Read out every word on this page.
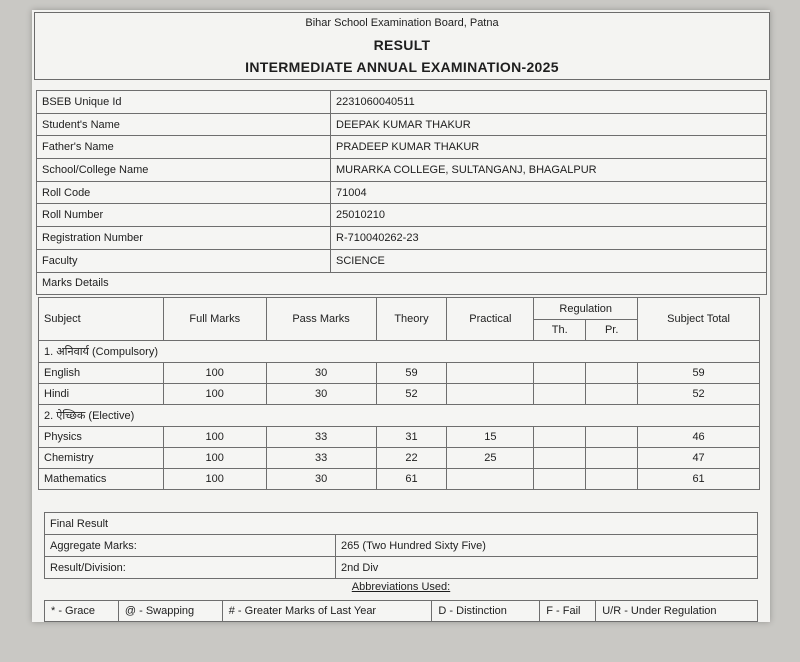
Bihar School Examination Board, Patna
RESULT
INTERMEDIATE ANNUAL EXAMINATION-2025
BSEB Unique Id	2231060040511
Student's Name	DEEPAK KUMAR THAKUR
Father's Name	PRADEEP KUMAR THAKUR
School/College Name	MURARKA COLLEGE, SULTANGANJ, BHAGALPUR
Roll Code	71004
Roll Number	25010210
Registration Number	R-710040262-23
Faculty	SCIENCE
Marks Details	
Subject	Full Marks	Pass Marks	Theory	Practical	Regulation		Subject Total
					Th.	Pr.	
1. अनिवार्य (Compulsory)							
English	100	30	59				59
Hindi	100	30	52				52
2. ऐच्छिक (Elective)							
Physics	100	33	31	15			46
Chemistry	100	33	22	25			47
Mathematics	100	30	61				61
Final Result	
Aggregate Marks:	265 (Two Hundred Sixty Five)
Result/Division:	2nd Div
Abbreviations Used:
* - Grace	@ - Swapping	# - Greater Marks of Last Year	D - Distinction	F - Fail	U/R - Under Regulation
